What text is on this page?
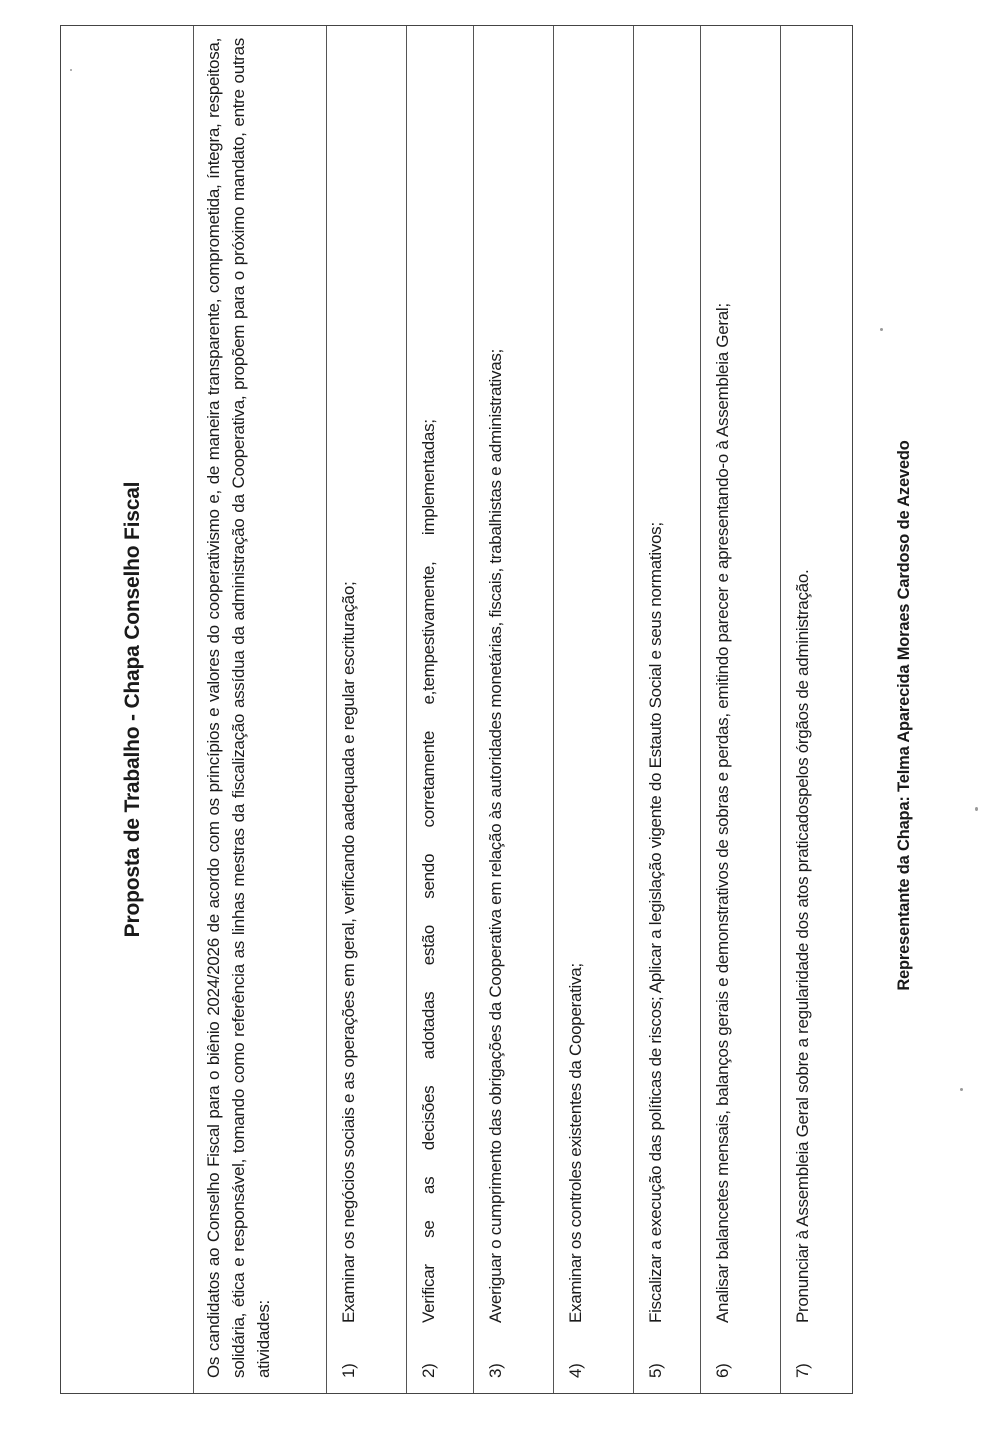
Proposta de Trabalho - Chapa Conselho Fiscal	Os candidatos ao Conselho Fiscal para o biênio 2024/2026 de acordo com os princípios e valores do cooperativismo e, de maneira transparente, comprometida, íntegra, respeitosa, solidária, ética e responsável, tomando como referência as linhas mestras da fiscalização assídua da administração da Cooperativa, propõem para o próximo mandato, entre outras atividades:	1)
Examinar os negócios sociais e as operações em geral, verificando aadequada e regular escrituração;
2)
Verificar se as decisões adotadas estão sendo corretamente e,tempestivamente, implementadas;
3)
Averiguar o cumprimento das obrigações da Cooperativa em relação às autoridades monetárias, fiscais, trabalhistas e administrativas;
4)
Examinar os controles existentes da Cooperativa;
5)
Fiscalizar a execução das políticas de riscos; Aplicar a legislação vigente do Estauto Social e seus normativos;
6)
Analisar balancetes mensais, balanços gerais e demonstrativos de sobras e perdas, emitindo parecer e apresentando-o à Assembleia Geral;
7)
Pronunciar à Assembleia Geral sobre a regularidade dos atos praticadospelos órgãos de administração.	Representante da Chapa: Telma Aparecida Moraes Cardoso de Azevedo
